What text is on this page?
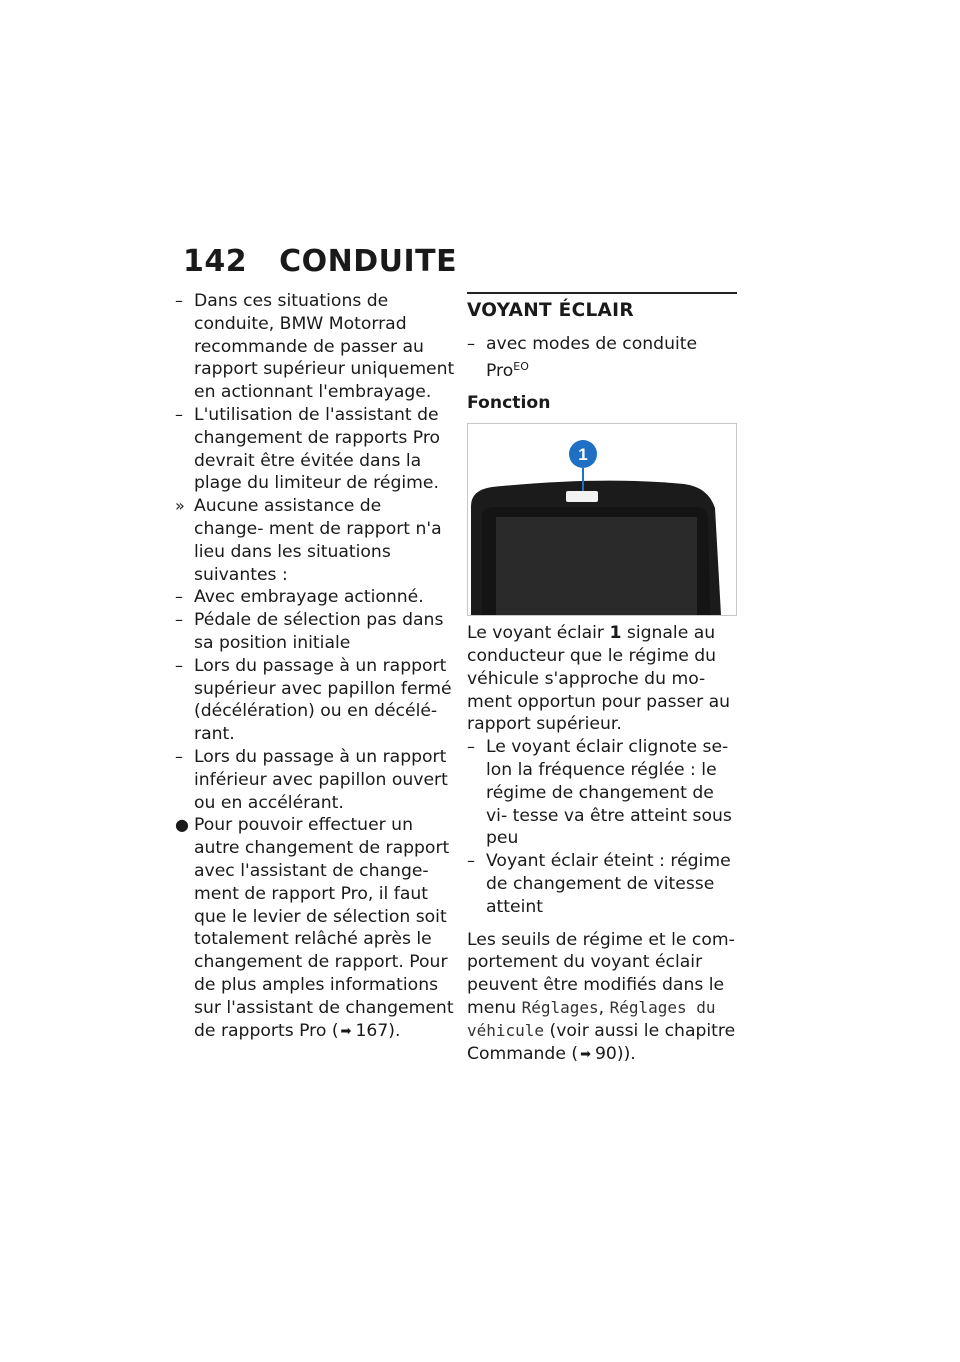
142 CONDUITE

– Dans ces situations de conduite, BMW Motorrad recommande de passer au rapport supérieur uniquement en actionnant l'embrayage.

– L'utilisation de l'assistant de changement de rapports Pro devrait être évitée dans la plage du limiteur de régime.

» Aucune assistance de change- ment de rapport n'a lieu dans les situations suivantes :

– Avec embrayage actionné.

– Pédale de sélection pas dans sa position initiale

– Lors du passage à un rapport supérieur avec papillon fermé (décélération) ou en décélé- rant.

– Lors du passage à un rapport inférieur avec papillon ouvert ou en accélérant.

● Pour pouvoir effectuer un autre changement de rapport avec l'assistant de change- ment de rapport Pro, il faut que le levier de sélection soit totalement relâché après le changement de rapport. Pour de plus amples informations sur l'assistant de changement de rapports Pro ( ➡ 167).

VOYANT ÉCLAIR

– avec modes de conduite Pro$^{EO}$

Fonction
1

Le voyant éclair 1 signale au conducteur que le régime du véhicule s'approche du mo- ment opportun pour passer au rapport supérieur.

– Le voyant éclair clignote se- lon la fréquence réglée : le régime de changement de vi- tesse va être atteint sous peu

– Voyant éclair éteint : régime de changement de vitesse atteint

Les seuils de régime et le com- portement du voyant éclair peuvent être modifiés dans le menu Réglages, Réglages du véhicule (voir aussi le chapitre Commande ( ➡ 90)).
